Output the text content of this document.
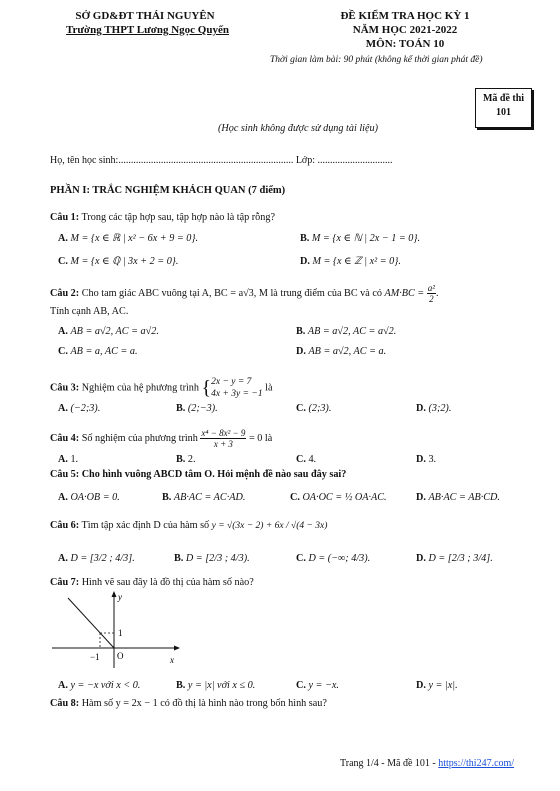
SỞ GD&ĐT THÁI NGUYÊN
Trường THPT Lương Ngọc Quyến
ĐỀ KIỂM TRA HỌC KỲ 1
NĂM HỌC 2021-2022
MÔN: TOÁN 10
Thời gian làm bài: 90 phút (không kể thời gian phát đề)
Mã đề thi
101
(Học sinh không được sử dụng tài liệu)
Họ, tên học sinh:...................................................................... Lớp: ..............................
PHẦN I: TRẮC NGHIỆM KHÁCH QUAN (7 điểm)
Câu 1: Trong các tập hợp sau, tập hợp nào là tập rỗng?
A. M = {x ∈ ℝ | x² − 6x + 9 = 0}.	B. M = {x ∈ ℕ | 2x − 1 = 0}.
C. M = {x ∈ ℚ | 3x + 2 = 0}.	D. M = {x ∈ ℤ | x² = 0}.
Câu 2: Cho tam giác ABC vuông tại A, BC = a√3, M là trung điểm của BC và có $AM\cdot BC = \frac{\text{a²}}{2}$ .
Tính cạnh AB, AC.
A. AB = a√2, AC = a√2.	B. AB = a√2, AC = a√2.
C. AB = a, AC = a.	D. AB = a√2, AC = a.
Câu 3: Nghiệm của hệ phương trình { 2x − y = 7
4x + 3y = −1
là
A. (−2;3).	B. (2;−3).	C. (2;3).	D. (3;2).
Câu 4: Số nghiệm của phương trình $\frac{\text{x⁴ − 8x² − 9}}{x + 3} = 0$ là
A. 1.	B. 2.	C. 4.	D. 3.
Câu 5: Cho hình vuông ABCD tâm O. Hỏi mệnh đề nào sau đây sai?
A. OA·OB = 0.	B. AB·AC = AC·AD.	C. OA·OC = ½ OA·AC.	D. AB·AC = AB·CD.
Câu 6: Tìm tập xác định D của hàm số y = √(3x − 2) + 6x / √(4 − 3x)
A. D = [3/2 ; 4/3].	B. D = [2/3 ; 4/3).	C. D = (−∞; 4/3).	D. D = [2/3 ; 3/4].
Câu 7: Hình vẽ sau đây là đồ thị của hàm số nào?
y
x
O
−1
1
A. y = −x với x < 0.	B. y = |x| với x ≤ 0.	C. y = −x.	D. y = |x|.
Câu 8: Hàm số y = 2x − 1 có đồ thị là hình nào trong bốn hình sau?
Trang 1/4 - Mã đề 101 - https://thi247.com/
